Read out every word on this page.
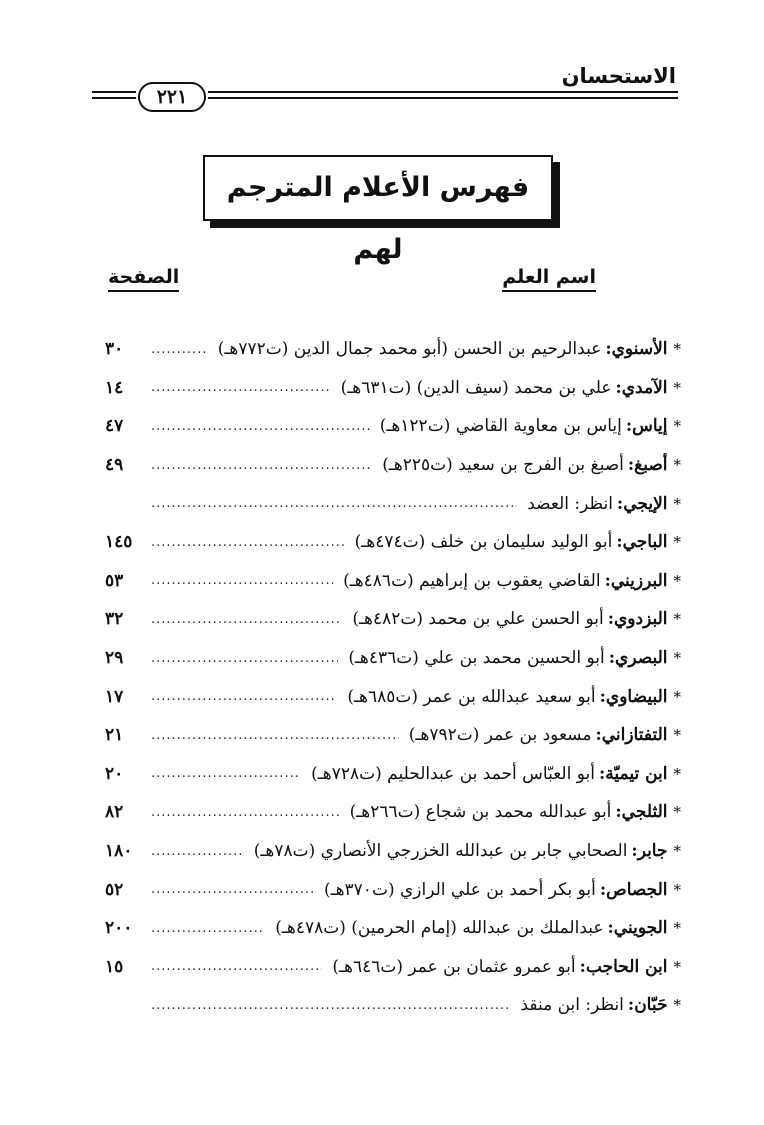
الاستحسان
٢٢١
فهرس الأعلام المترجم لهم
اسم العلم
الصفحة
*
الأسنوي:
عبدالرحيم بن الحسن (أبو محمد جمال الدين (ت٧٧٢هـ)
.....
٣٠
*
الآمدي:
علي بن محمد (سيف الدين) (ت٦٣١هـ)
.....
١٤
*
إياس:
إياس بن معاوية القاضي (ت١٢٢هـ)
.....
٤٧
*
أصبغ:
أصبغ بن الفرج بن سعيد (ت٢٢٥هـ)
.....
٤٩
*
الإيجي:
انظر: العضد
.....
*
الباجي:
أبو الوليد سليمان بن خلف (ت٤٧٤هـ)
.....
١٤٥
*
البرزيني:
القاضي يعقوب بن إبراهيم (ت٤٨٦هـ)
.....
٥٣
*
البزدوي:
أبو الحسن علي بن محمد (ت٤٨٢هـ)
.....
٣٢
*
البصري:
أبو الحسين محمد بن علي (ت٤٣٦هـ)
.....
٢٩
*
البيضاوي:
أبو سعيد عبدالله بن عمر (ت٦٨٥هـ)
.....
١٧
*
التفتازاني:
مسعود بن عمر (ت٧٩٢هـ)
.....
٢١
*
ابن تيميّة:
أبو العبّاس أحمد بن عبدالحليم (ت٧٢٨هـ)
.....
٢٠
*
الثلجي:
أبو عبدالله محمد بن شجاع (ت٢٦٦هـ)
.....
٨٢
*
جابر:
الصحابي جابر بن عبدالله الخزرجي الأنصاري (ت٧٨هـ)
.....
١٨٠
*
الجصاص:
أبو بكر أحمد بن علي الرازي (ت٣٧٠هـ)
.....
٥٢
*
الجويني:
عبدالملك بن عبدالله (إمام الحرمين) (ت٤٧٨هـ)
.....
٢٠٠
*
ابن الحاجب:
أبو عمرو عثمان بن عمر (ت٦٤٦هـ)
.....
١٥
*
حَبّان:
انظر: ابن منقذ
.....
